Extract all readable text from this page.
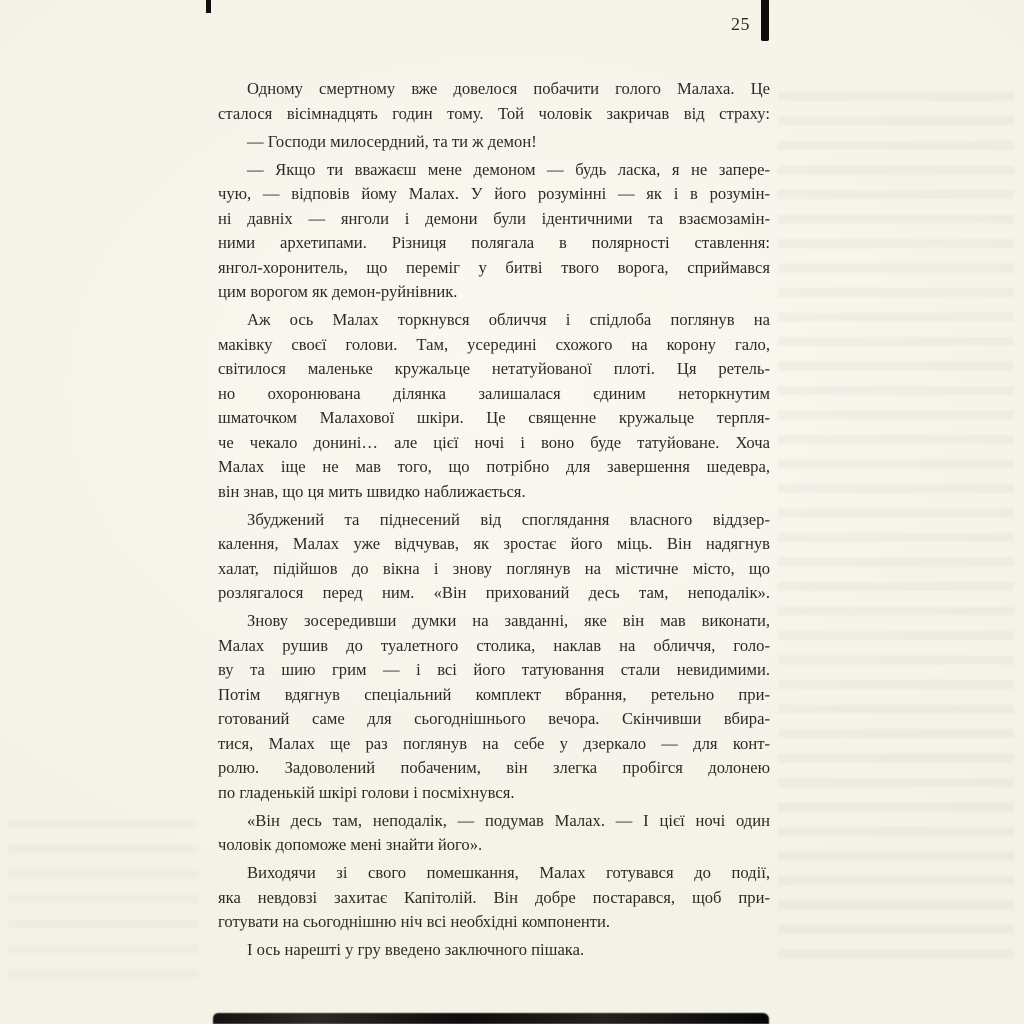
25
Одному смертному вже довелося побачити голого Малаха. Це
сталося вісімнадцять годин тому. Той чоловік закричав від страху:
— Господи милосердний, та ти ж демон!
— Якщо ти вважаєш мене демоном — будь ласка, я не запере-
чую, — відповів йому Малах. У його розумінні — як і в розумін-
ні давніх — янголи і демони були ідентичними та взаємозамін-
ними архетипами. Різниця полягала в полярності ставлення:
янгол-хоронитель, що переміг у битві твого ворога, сприймався
цим ворогом як демон-руйнівник.
Аж ось Малах торкнувся обличчя і спідлоба поглянув на
маківку своєї голови. Там, усередині схожого на корону гало,
світилося маленьке кружальце нетатуйованої плоті. Ця ретель-
но охоронювана ділянка залишалася єдиним неторкнутим
шматочком Малахової шкіри. Це священне кружальце терпля-
че чекало донині… але цієї ночі і воно буде татуйоване. Хоча
Малах іще не мав того, що потрібно для завершення шедевра,
він знав, що ця мить швидко наближається.
Збуджений та піднесений від споглядання власного віддзер-
калення, Малах уже відчував, як зростає його міць. Він надягнув
халат, підійшов до вікна і знову поглянув на містичне місто, що
розлягалося перед ним. «Він прихований десь там, неподалік».
Знову зосередивши думки на завданні, яке він мав виконати,
Малах рушив до туалетного столика, наклав на обличчя, голо-
ву та шию грим — і всі його татуювання стали невидимими.
Потім вдягнув спеціальний комплект вбрання, ретельно при-
готований саме для сьогоднішнього вечора. Скінчивши вбира-
тися, Малах ще раз поглянув на себе у дзеркало — для конт-
ролю. Задоволений побаченим, він злегка пробігся долонею
по гладенькій шкірі голови і посміхнувся.
«Він десь там, неподалік, — подумав Малах. — І цієї ночі один
чоловік допоможе мені знайти його».
Виходячи зі свого помешкання, Малах готувався до події,
яка невдовзі захитає Капітолій. Він добре постарався, щоб при-
готувати на сьогоднішню ніч всі необхідні компоненти.
І ось нарешті у гру введено заключного пішака.
